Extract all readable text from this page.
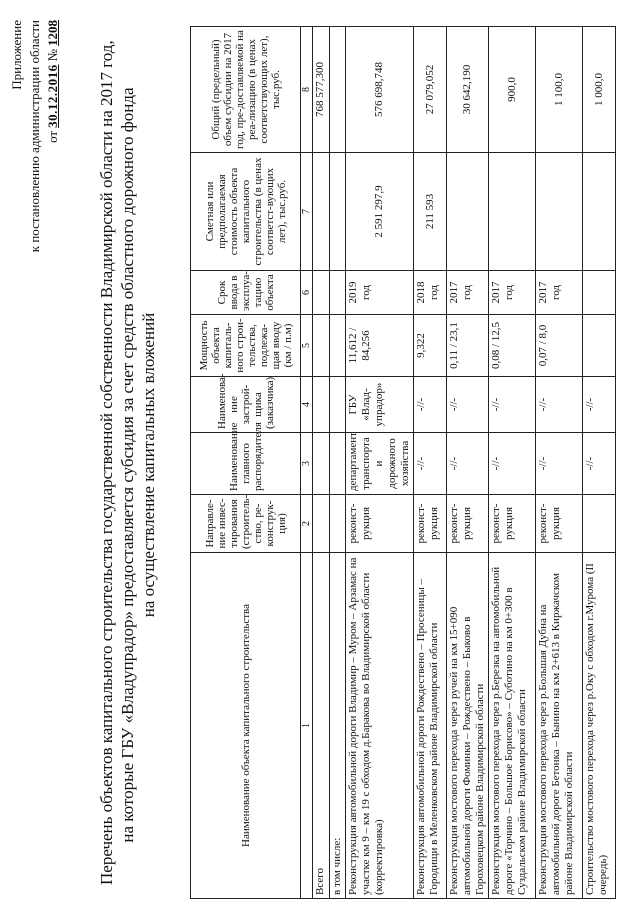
Приложение к постановлению администрации области от
30.12.2016
№
1208
Перечень объектов капитального строительства государственной собственности Владимирской области на 2017 год, на которые ГБУ «Владупрадор» предоставляется субсидия за счет средств областного дорожного фонда на осуществление капитальных вложений
Наименование объекта капитального строительства	Направле-ние инвес-тирования (строитель-ство, ре-конструк-ция)	Наименование главного распорядителя	Наименова-ние застрой-щика (заказчика)	Мощность объекта капиталь-ного строи-тельства, подлежа-щая вводу (км / п.м)	Срок ввода в эксплуа-тацию объекта	Сметная или предполагаемая стоимость объекта капитального строительства (в ценах соответст-вующих лет), тыс.руб.	Общий (предельный) объем субсидии на 2017 год, пре-доставляемой на реа-лизацию (в ценах соответствующих лет), тыс.руб.
1	2	3	4	5	6	7	8
Всего							768 577,300
в том числе:							
Реконструкция автомобильной дороги Владимир – Муром – Арзамас на участке км 9 – км 19 с обходом д.Баракова во Владимирской области (корректировка)	реконст-рукция	департамент транспорта и дорожного хозяйства	ГБУ «Влад-упрадор»	11,612 / 84,256	2019 год	2 591 297,9	576 698,748
Реконструкция автомобильной дороги Рождествено – Просеницы – Городищи в Меленковском районе Владимирской области	реконст-рукция	-//-	-//-	9,322	2018 год	211 593	27 079,052
Реконструкция мостового перехода через ручей на км 15+090 автомобильной дороги Фоминки – Рождествено – Быково в Гороховецком районе Владимирской области	реконст-рукция	-//-	-//-	0,11 / 23,1	2017 год		30 642,190
Реконструкция мостового перехода через р.Березка на автомобильной дороге «Торчино – Большое Борисово» – Суботино на км 0+300 в Суздальском районе Владимирской области	реконст-рукция	-//-	-//-	0,08 / 12,5	2017 год		900,0
Реконструкция мостового перехода через р.Большая Дубна на автомобильной дороге Бетонка – Бынино на км 2+613 в Киржачском районе Владимирской области	реконст-рукция	-//-	-//-	0,07 / 8,0	2017 год		1 100,0
Строительство мостового перехода через р.Оку с обходом г.Мурома (II очередь)		-//-	-//-				1 000,0
